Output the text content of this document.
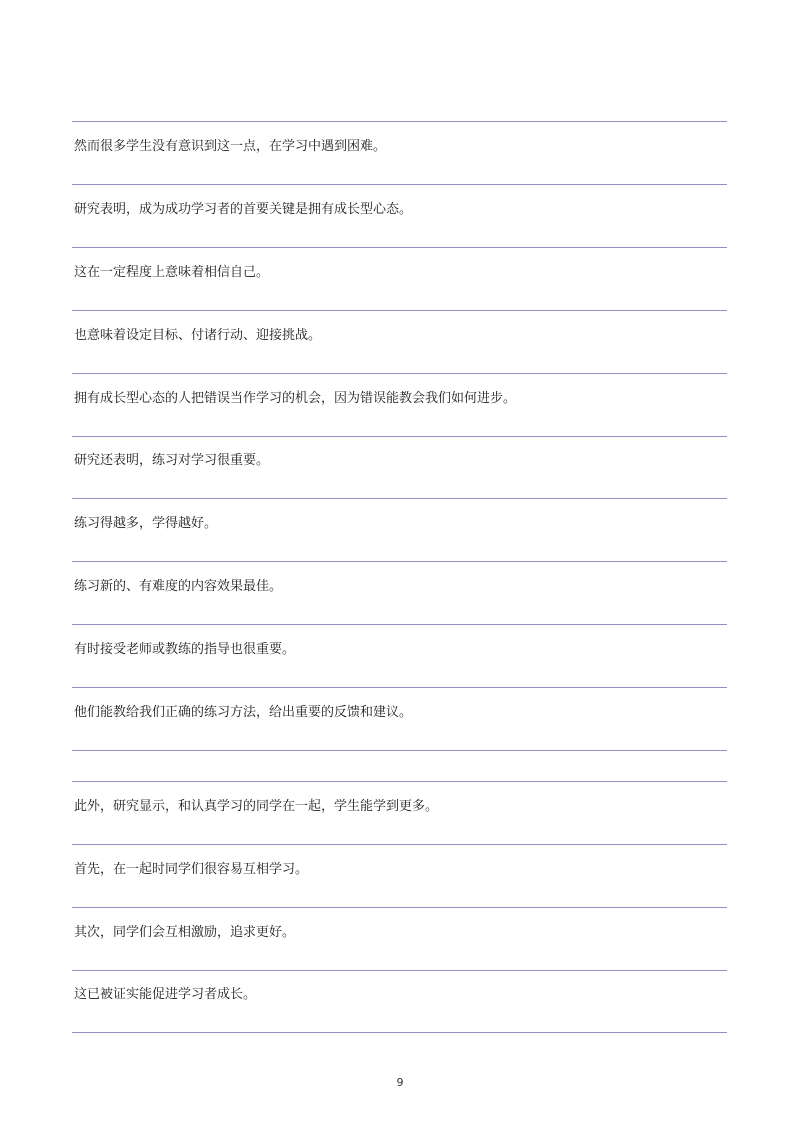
然而很多学生没有意识到这一点，在学习中遇到困难。
研究表明，成为成功学习者的首要关键是拥有成长型心态。
这在一定程度上意味着相信自己。
也意味着设定目标、付诸行动、迎接挑战。
拥有成长型心态的人把错误当作学习的机会，因为错误能教会我们如何进步。
研究还表明，练习对学习很重要。
练习得越多，学得越好。
练习新的、有难度的内容效果最佳。
有时接受老师或教练的指导也很重要。
他们能教给我们正确的练习方法，给出重要的反馈和建议。
此外，研究显示，和认真学习的同学在一起，学生能学到更多。
首先，在一起时同学们很容易互相学习。
其次，同学们会互相激励，追求更好。
这已被证实能促进学习者成长。
9
